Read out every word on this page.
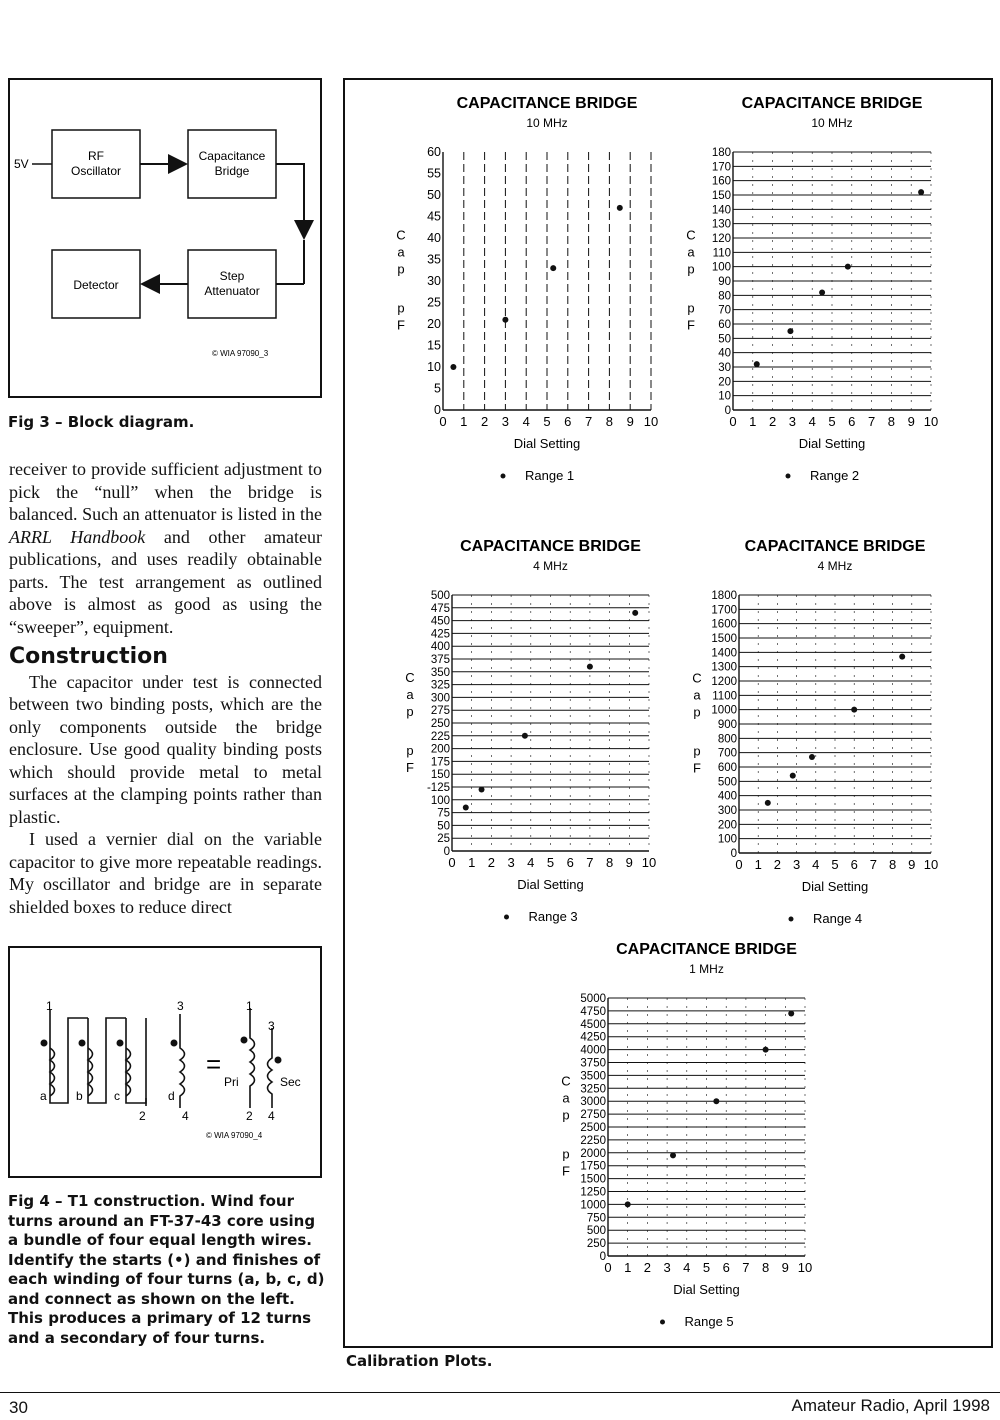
5V
RF
Oscillator
Capacitance
Bridge
Step
Attenuator
Detector
© WIA 97090_3
Fig 3 – Block diagram.

receiver to provide sufficient adjustment to pick the “null” when the bridge is balanced. Such an attenuator is listed in the ARRL Handbook and other amateur publications, and uses readily obtainable parts. The test arrangement as outlined above is almost as good as using the “sweeper”, equipment.

Construction

The capacitor under test is connected between two binding posts, which are the only components outside the bridge enclosure. Use good quality binding posts which should provide metal to metal surfaces at the clamping points rather than plastic.

I used a vernier dial on the variable capacitor to give more repeatable readings. My oscillator and bridge are in separate shielded boxes to reduce direct

1	3
2	4
a b	c	d
=
1
3
Pri	Sec
2 4
© WIA 97090_4
Fig 4 – T1 construction. Wind four turns around an FT-37-43 core using a bundle of four equal length wires. Identify the starts (•) and finishes of each winding of four turns (a, b, c, d) and connect as shown on the left. This produces a primary of 12 turns and a secondary of four turns.
CAPACITANCE BRIDGE
10 MHz
0
5
10
15
20
25
30
35
40
45
50
55
60
0 1 2 3 4 5 6 7 8 9 10
C
a
p
p
F
Dial Setting
Range 1
CAPACITANCE BRIDGE
10 MHz
0
10
20
30
40
50
60
70
80
90
100
110
120
130
140
150
160
170
180
0 1 2 3 4 5 6 7 8 9 10
C
a
p
p
F
Dial Setting
Range 2
CAPACITANCE BRIDGE
4 MHz
0
25
50
75
100
-125
150
175
200
225
250
275
300
325
350
375
400
425
450
475
500
0 1 2 3 4 5 6 7 8 9 10
C
a
p
p
F
Dial Setting
Range 3
CAPACITANCE BRIDGE
4 MHz
0
100
200
300
400
500
600
700
800
900
1000
1100
1200
1300
1400
1500
1600
1700
1800
0 1 2 3 4 5 6 7 8 9 10
C
a
p
p
F
Dial Setting
Range 4
CAPACITANCE BRIDGE
1 MHz
0
250
500
750
1000
1250
1500
1750
2000
2250
2500
2750
3000
3250
3500
3750
4000
4250
4500
4750
5000
0 1 2 3 4 5 6 7 8 9 10
C
a
p
p
F
Dial Setting
Range 5
Calibration Plots.
30	Amateur Radio, April 1998
